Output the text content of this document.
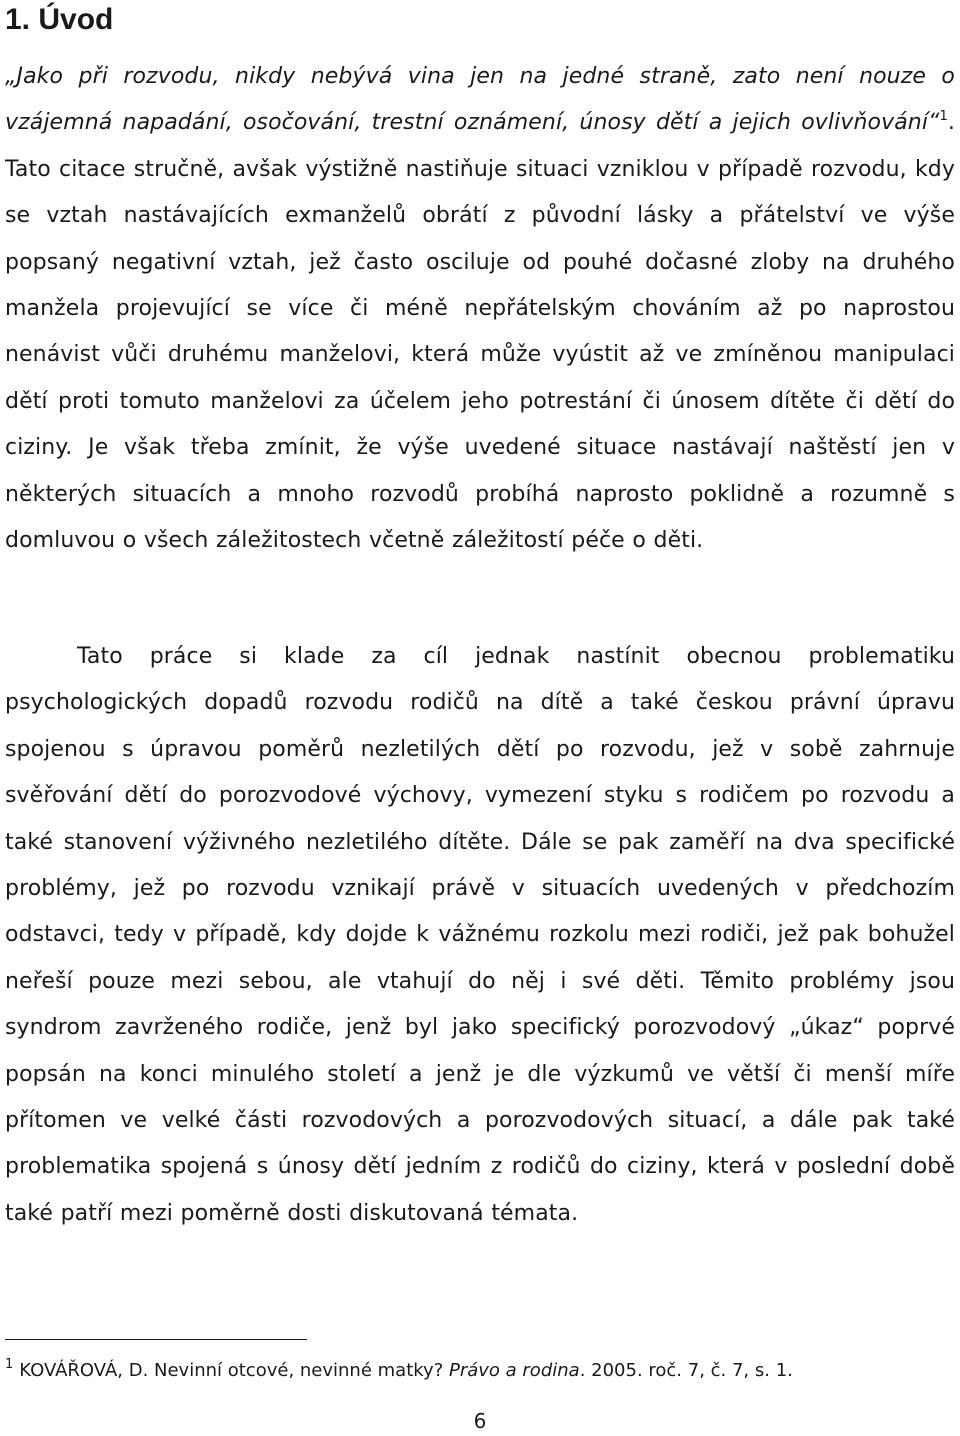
1. Úvod

„Jako při rozvodu, nikdy nebývá vina jen na jedné straně, zato není nouze o vzájemná napadání, osočování, trestní oznámení, únosy dětí a jejich ovlivňování“$^1$. Tato citace stručně, avšak výstižně nastiňuje situaci vzniklou v případě rozvodu, kdy se vztah nastávajících exmanželů obrátí z původní lásky a přátelství ve výše popsaný negativní vztah, jež často osciluje od pouhé dočasné zloby na druhého manžela projevující se více či méně nepřátelským chováním až po naprostou nenávist vůči druhému manželovi, která může vyústit až ve zmíněnou manipulaci dětí proti tomuto manželovi za účelem jeho potrestání či únosem dítěte či dětí do ciziny. Je však třeba zmínit, že výše uvedené situace nastávají naštěstí jen v některých situacích a mnoho rozvodů probíhá naprosto poklidně a rozumně s domluvou o všech záležitostech včetně záležitostí péče o děti.

Tato práce si klade za cíl jednak nastínit obecnou problematiku psychologických dopadů rozvodu rodičů na dítě a také českou právní úpravu spojenou s úpravou poměrů nezletilých dětí po rozvodu, jež v sobě zahrnuje svěřování dětí do porozvodové výchovy, vymezení styku s rodičem po rozvodu a také stanovení výživného nezletilého dítěte. Dále se pak zaměří na dva specifické problémy, jež po rozvodu vznikají právě v situacích uvedených v předchozím odstavci, tedy v případě, kdy dojde k vážnému rozkolu mezi rodiči, jež pak bohužel neřeší pouze mezi sebou, ale vtahují do něj i své děti. Těmito problémy jsou syndrom zavrženého rodiče, jenž byl jako specifický porozvodový „úkaz“ poprvé popsán na konci minulého století a jenž je dle výzkumů ve větší či menší míře přítomen ve velké části rozvodových a porozvodových situací, a dále pak také problematika spojená s únosy dětí jedním z rodičů do ciziny, která v poslední době také patří mezi poměrně dosti diskutovaná témata.

$^1$ KOVÁŘOVÁ, D. Nevinní otcové, nevinné matky? Právo a rodina. 2005. roč. 7, č. 7, s. 1.

6
